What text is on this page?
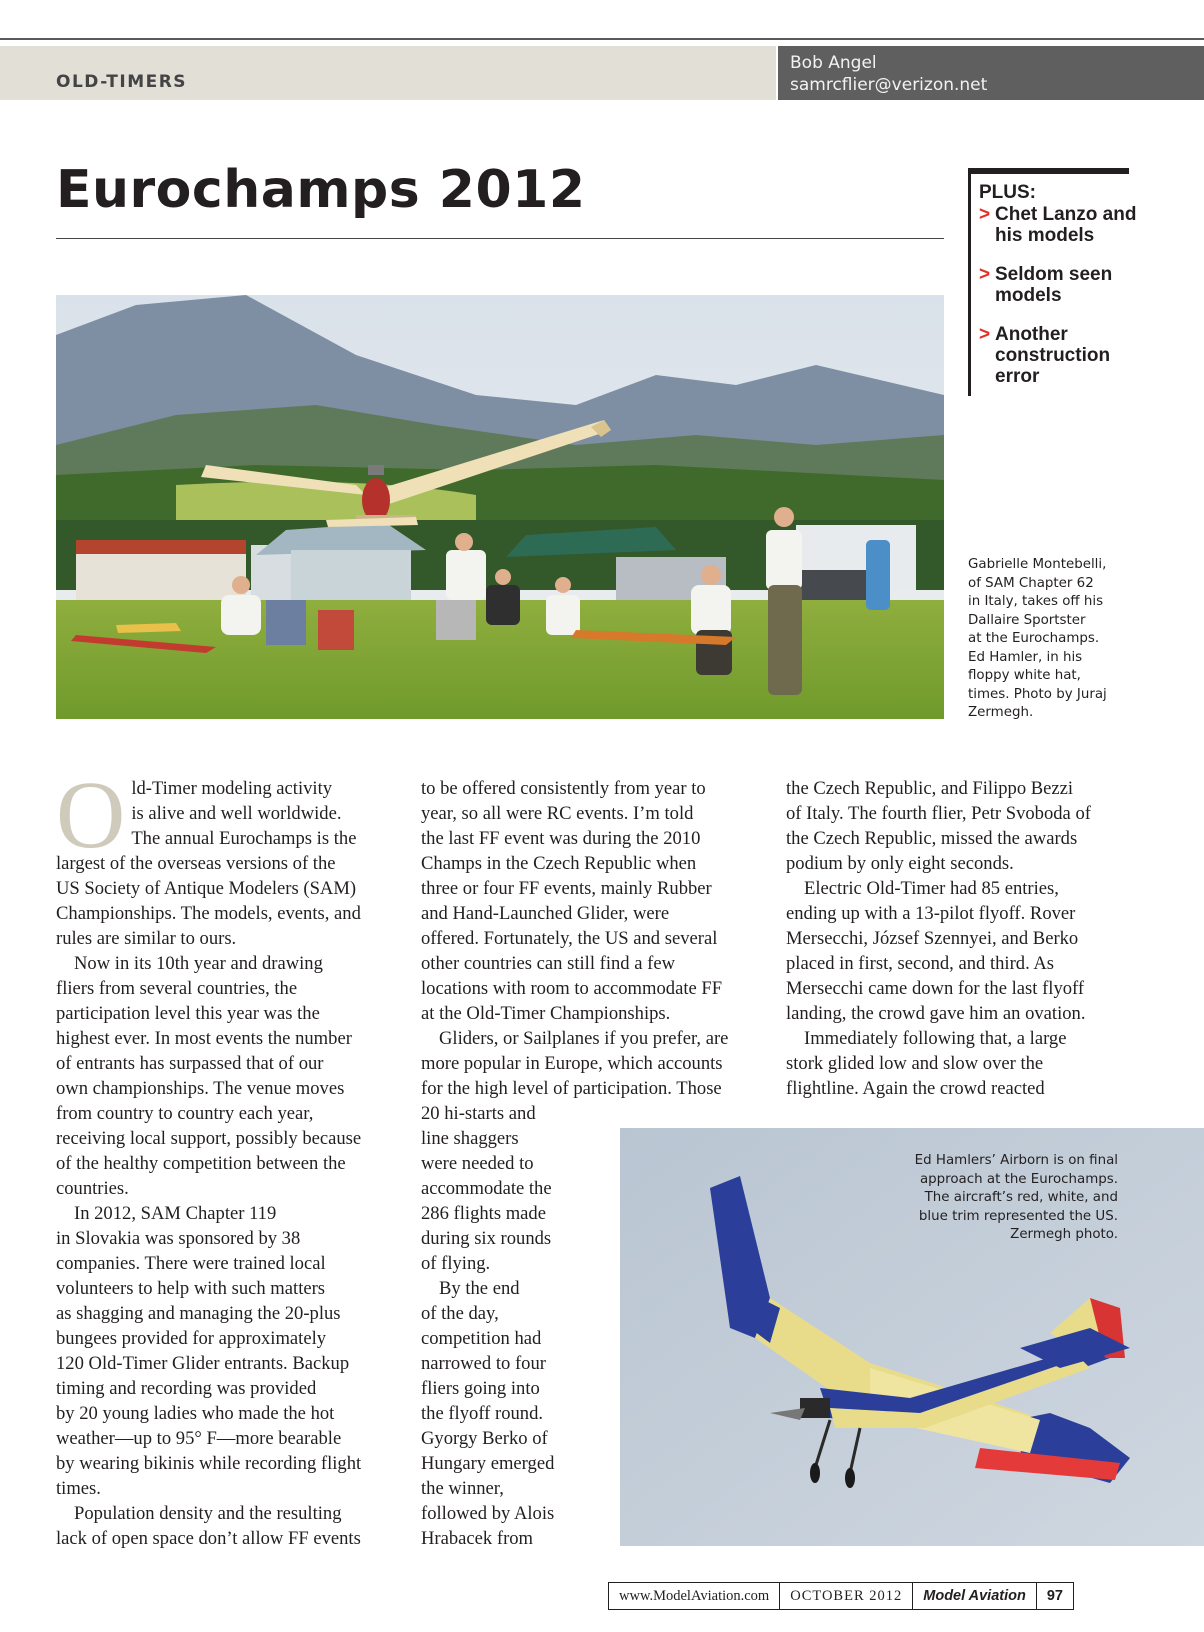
OLD-TIMERS
Bob Angel
samrcflier@verizon.net
Eurochamps 2012	PLUS:
> Chet Lanzo and
his models
> Seldom seen
models
> Another
construction
error
Gabrielle Montebelli,
of SAM Chapter 62
in Italy, takes off his
Dallaire Sportster
at the Eurochamps.
Ed Hamler, in his
floppy white hat,
times. Photo by Juraj
Zermegh.
O ld-Timer modeling activity
is alive and well worldwide.
The annual Eurochamps is the
largest of the overseas versions of the
US Society of Antique Modelers (SAM)
Championships. The models, events, and
rules are similar to ours.
Now in its 10th year and drawing
fliers from several countries, the
participation level this year was the
highest ever. In most events the number
of entrants has surpassed that of our
own championships. The venue moves
from country to country each year,
receiving local support, possibly because
of the healthy competition between the
countries.
In 2012, SAM Chapter 119
in Slovakia was sponsored by 38
companies. There were trained local
volunteers to help with such matters
as shagging and managing the 20-plus
bungees provided for approximately
120 Old-Timer Glider entrants. Backup
timing and recording was provided
by 20 young ladies who made the hot
weather—up to 95° F—more bearable
by wearing bikinis while recording flight
times.
Population density and the resulting
lack of open space don’t allow FF events
to be offered consistently from year to
year, so all were RC events. I’m told
the last FF event was during the 2010
Champs in the Czech Republic when
three or four FF events, mainly Rubber
and Hand-Launched Glider, were
offered. Fortunately, the US and several
other countries can still find a few
locations with room to accommodate FF
at the Old-Timer Championships.
Gliders, or Sailplanes if you prefer, are
more popular in Europe, which accounts
for the high level of participation. Those
20 hi-starts and
line shaggers
were needed to
accommodate the
286 flights made
during six rounds
of flying.
By the end
of the day,
competition had
narrowed to four
fliers going into
the flyoff round.
Gyorgy Berko of
Hungary emerged
the winner,
followed by Alois
Hrabacek from
the Czech Republic, and Filippo Bezzi
of Italy. The fourth flier, Petr Svoboda of
the Czech Republic, missed the awards
podium by only eight seconds.
Electric Old-Timer had 85 entries,
ending up with a 13-pilot flyoff. Rover
Mersecchi, József Szennyei, and Berko
placed in first, second, and third. As
Mersecchi came down for the last flyoff
landing, the crowd gave him an ovation.
Immediately following that, a large
stork glided low and slow over the
flightline. Again the crowd reacted
Ed Hamlers’ Airborn is on final
approach at the Eurochamps.
The aircraft’s red, white, and
blue trim represented the US.
Zermegh photo.
www.ModelAviation.com	OCTOBER 2012	Model Aviation	97
